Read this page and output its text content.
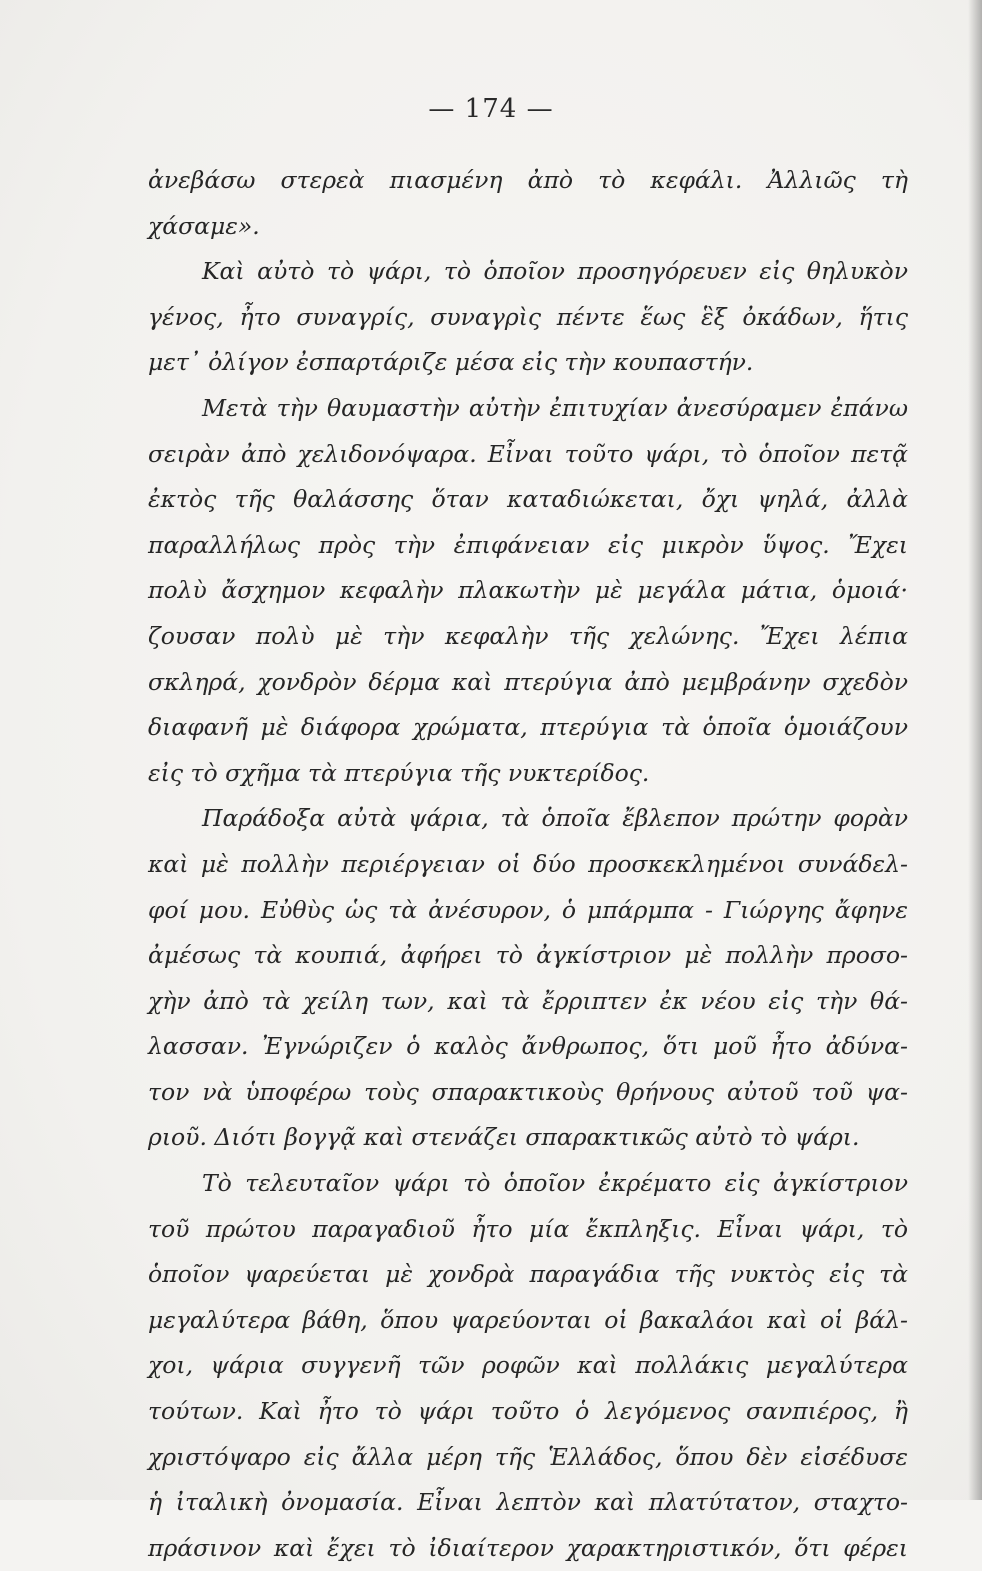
— 174 —
ἀνεβάσω στερεὰ πιασμένη ἀπὸ τὸ κεφάλι. Ἀλλιῶς τὴ
χάσαμε».
Καὶ αὐτὸ τὸ ψάρι, τὸ ὁποῖον προσηγόρευεν εἰς θηλυκὸν
γένος, ἦτο συναγρίς, συναγρὶς πέντε ἕως ἓξ ὀκάδων, ἥτις
μετ᾽ ὀλίγον ἐσπαρτάριζε μέσα εἰς τὴν κουπαστήν.
Μετὰ τὴν θαυμαστὴν αὐτὴν ἐπιτυχίαν ἀνεσύραμεν ἐπάνω
σειρὰν ἀπὸ χελιδονόψαρα. Εἶναι τοῦτο ψάρι, τὸ ὁποῖον πετᾷ
ἐκτὸς τῆς θαλάσσης ὅταν καταδιώκεται, ὄχι ψηλά, ἀλλὰ
παραλλήλως πρὸς τὴν ἐπιφάνειαν εἰς μικρὸν ὕψος. Ἔχει
πολὺ ἄσχημον κεφαλὴν πλακωτὴν μὲ μεγάλα μάτια, ὁμοιά·
ζουσαν πολὺ μὲ τὴν κεφαλὴν τῆς χελώνης. Ἔχει λέπια
σκληρά, χονδρὸν δέρμα καὶ πτερύγια ἀπὸ μεμβράνην σχεδὸν
διαφανῆ μὲ διάφορα χρώματα, πτερύγια τὰ ὁποῖα ὁμοιάζουν
εἰς τὸ σχῆμα τὰ πτερύγια τῆς νυκτερίδος.
Παράδοξα αὐτὰ ψάρια, τὰ ὁποῖα ἔβλεπον πρώτην φορὰν
καὶ μὲ πολλὴν περιέργειαν οἱ δύο προσκεκλημένοι συνάδελ-
φοί μου. Εὐθὺς ὡς τὰ ἀνέσυρον, ὁ μπάρμπα - Γιώργης ἄφηνε
ἀμέσως τὰ κουπιά, ἀφήρει τὸ ἀγκίστριον μὲ πολλὴν προσο-
χὴν ἀπὸ τὰ χείλη των, καὶ τὰ ἔρριπτεν ἐκ νέου εἰς τὴν θά-
λασσαν. Ἐγνώριζεν ὁ καλὸς ἄνθρωπος, ὅτι μοῦ ἦτο ἀδύνα-
τον νὰ ὑποφέρω τοὺς σπαρακτικοὺς θρήνους αὐτοῦ τοῦ ψα-
ριοῦ. Διότι βογγᾷ καὶ στενάζει σπαρακτικῶς αὐτὸ τὸ ψάρι.
Τὸ τελευταῖον ψάρι τὸ ὁποῖον ἐκρέματο εἰς ἀγκίστριον
τοῦ πρώτου παραγαδιοῦ ἦτο μία ἔκπληξις. Εἶναι ψάρι, τὸ
ὁποῖον ψαρεύεται μὲ χονδρὰ παραγάδια τῆς νυκτὸς εἰς τὰ
μεγαλύτερα βάθη, ὅπου ψαρεύονται οἱ βακαλάοι καὶ οἱ βάλ-
χοι, ψάρια συγγενῆ τῶν ροφῶν καὶ πολλάκις μεγαλύτερα
τούτων. Καὶ ἦτο τὸ ψάρι τοῦτο ὁ λεγόμενος σανπιέρος, ἢ
χριστόψαρο εἰς ἄλλα μέρη τῆς Ἑλλάδος, ὅπου δὲν εἰσέδυσε
ἡ ἰταλικὴ ὀνομασία. Εἶναι λεπτὸν καὶ πλατύτατον, σταχτο-
πράσινον καὶ ἔχει τὸ ἰδιαίτερον χαρακτηριστικόν, ὅτι φέρει
